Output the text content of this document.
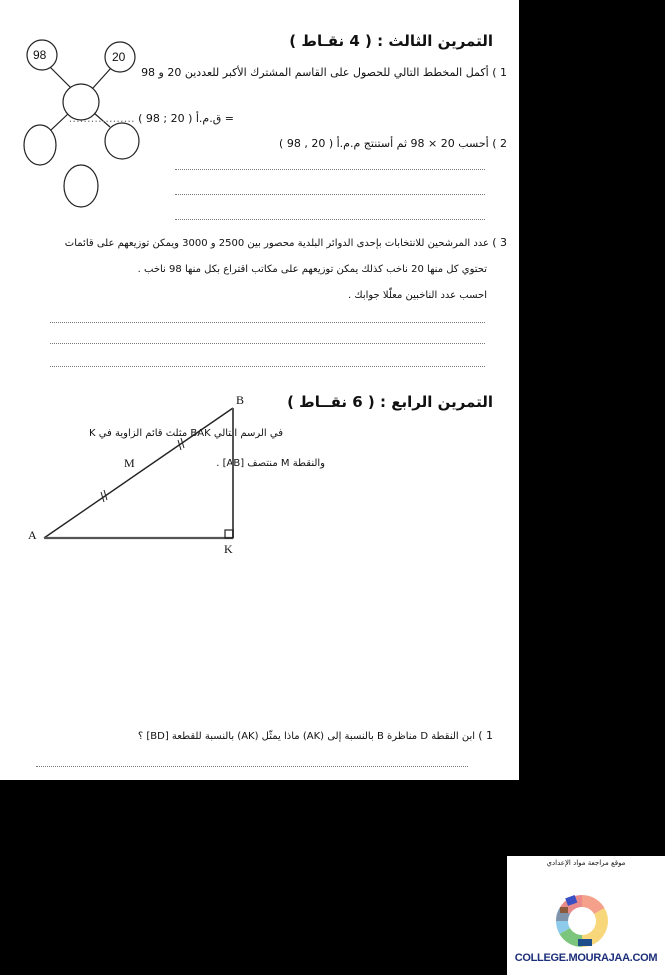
98	20
التمرين الثالث : ( 4 نقـاط )
1 ) أكمل المخطط التالي للحصول على القاسم المشترك الأكبر للعددين 20 و 98
= ق.م.أ ( 20 ; 98 ) ………………
2 ) أحسب 20 × 98 ثم أستنتج م.م.أ ( 20 , 98 )
3 ) عدد المرشحين للانتخابات بإحدى الدوائر البلدية محصور بين 2500 و 3000 ويمكن توزيعهم على قائمات
تحتوي كل منها 20 ناخب كذلك يمكن توزيعهم على مكاتب اقتراع بكل منها 98 ناخب .
احسب عدد الناخبين معلّلا جوابك .
التمرين الرابع : ( 6 نقــاط )
في الرسم التالي BAK مثلث قائم الزاوية في K
والنقطة M منتصف [AB] .
A
B
K
M
1 ) ابن النقطة D مناظرة B بالنسبة إلى (AK) ماذا يمثّل (AK) بالنسبة للقطعة [BD] ؟
موقع مراجعة مواد الإعدادي
COLLEGE.MOURAJAA.COM
